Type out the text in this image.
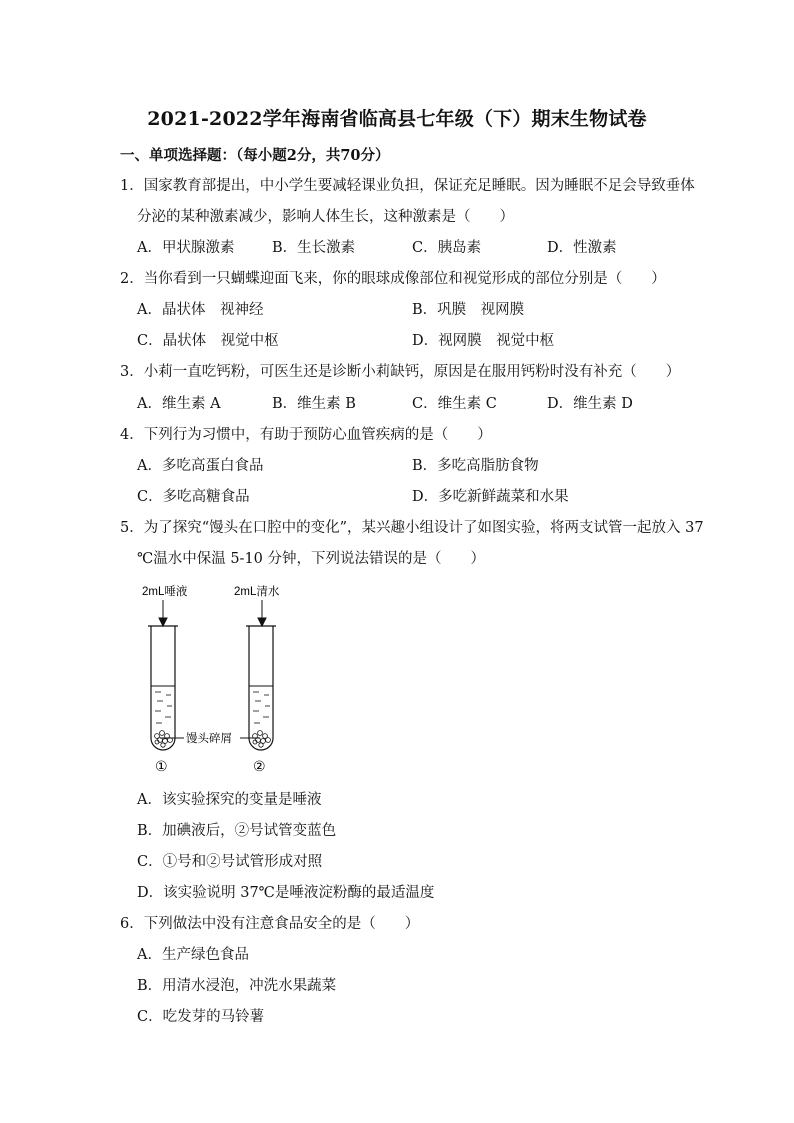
2021-2022学年海南省临高县七年级（下）期末生物试卷
一、单项选择题：（每小题2分，共70分）
1．国家教育部提出，中小学生要减轻课业负担，保证充足睡眠。因为睡眠不足会导致垂体
分泌的某种激素减少，影响人体生长，这种激素是（　　）
A．甲状腺激素	B．生长激素	C．胰岛素	D．性激素
2．当你看到一只蝴蝶迎面飞来，你的眼球成像部位和视觉形成的部位分别是（　　）
A．晶状体　视神经	B．巩膜　视网膜
C．晶状体　视觉中枢	D．视网膜　视觉中枢
3．小莉一直吃钙粉，可医生还是诊断小莉缺钙，原因是在服用钙粉时没有补充（　　）
A．维生素 A	B．维生素 B	C．维生素 C	D．维生素 D
4．下列行为习惯中，有助于预防心血管疾病的是（　　）
A．多吃高蛋白食品	B．多吃高脂肪食物
C．多吃高糖食品	D．多吃新鲜蔬菜和水果
5．为了探究“馒头在口腔中的变化”，某兴趣小组设计了如图实验，将两支试管一起放入 37
℃温水中保温 5-10 分钟，下列说法错误的是（　　）
2mL唾液	2mL清水
馒头碎屑
①	②
A．该实验探究的变量是唾液
B．加碘液后，②号试管变蓝色
C．①号和②号试管形成对照
D．该实验说明 37℃是唾液淀粉酶的最适温度
6．下列做法中没有注意食品安全的是（　　）
A．生产绿色食品
B．用清水浸泡，冲洗水果蔬菜
C．吃发芽的马铃薯
